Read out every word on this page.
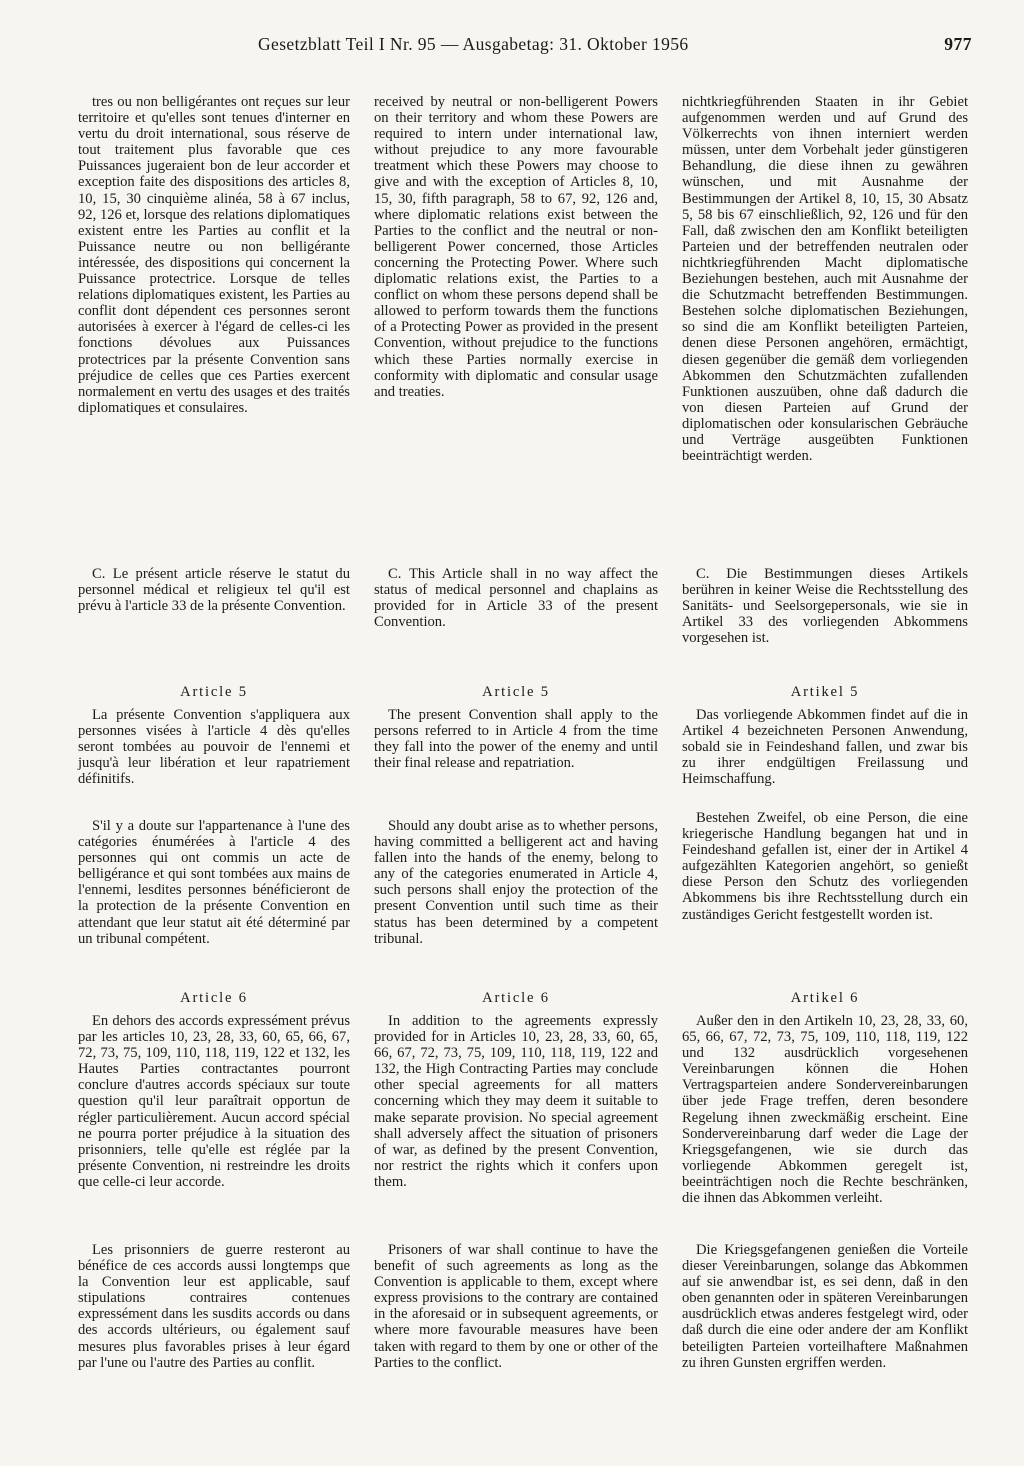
Gesetzblatt Teil I Nr. 95 — Ausgabetag: 31. Oktober 1956	977

tres ou non belligérantes ont reçues sur leur territoire et qu'elles sont tenues d'interner en vertu du droit international, sous réserve de tout traitement plus favorable que ces Puissances jugeraient bon de leur accorder et exception faite des dispositions des articles 8, 10, 15, 30 cinquième alinéa, 58 à 67 inclus, 92, 126 et, lorsque des relations diplomatiques existent entre les Parties au conflit et la Puissance neutre ou non belligérante intéressée, des dispositions qui concernent la Puissance protectrice. Lorsque de telles relations diplomatiques existent, les Parties au conflit dont dépendent ces personnes seront autorisées à exercer à l'égard de celles-ci les fonctions dévolues aux Puissances protectrices par la présente Convention sans préjudice de celles que ces Parties exercent normalement en vertu des usages et des traités diplomatiques et consulaires.

C. Le présent article réserve le statut du personnel médical et religieux tel qu'il est prévu à l'article 33 de la présente Convention.

Article 5

La présente Convention s'appliquera aux personnes visées à l'article 4 dès qu'elles seront tombées au pouvoir de l'ennemi et jusqu'à leur libération et leur rapatriement définitifs.

S'il y a doute sur l'appartenance à l'une des catégories énumérées à l'article 4 des personnes qui ont commis un acte de belligérance et qui sont tombées aux mains de l'ennemi, lesdites personnes bénéficieront de la protection de la présente Convention en attendant que leur statut ait été déterminé par un tribunal compétent.

Article 6

En dehors des accords expressément prévus par les articles 10, 23, 28, 33, 60, 65, 66, 67, 72, 73, 75, 109, 110, 118, 119, 122 et 132, les Hautes Parties contractantes pourront conclure d'autres accords spéciaux sur toute question qu'il leur paraîtrait opportun de régler particulièrement. Aucun accord spécial ne pourra porter préjudice à la situation des prisonniers, telle qu'elle est réglée par la présente Convention, ni restreindre les droits que celle-ci leur accorde.

Les prisonniers de guerre resteront au bénéfice de ces accords aussi longtemps que la Convention leur est applicable, sauf stipulations contraires contenues expressément dans les susdits accords ou dans des accords ultérieurs, ou également sauf mesures plus favorables prises à leur égard par l'une ou l'autre des Parties au conflit.

received by neutral or non-belligerent Powers on their territory and whom these Powers are required to intern under international law, without prejudice to any more favourable treatment which these Powers may choose to give and with the exception of Articles 8, 10, 15, 30, fifth paragraph, 58 to 67, 92, 126 and, where diplomatic relations exist between the Parties to the conflict and the neutral or non-belligerent Power concerned, those Articles concerning the Protecting Power. Where such diplomatic relations exist, the Parties to a conflict on whom these persons depend shall be allowed to perform towards them the functions of a Protecting Power as provided in the present Convention, without prejudice to the functions which these Parties normally exercise in conformity with diplomatic and consular usage and treaties.

C. This Article shall in no way affect the status of medical personnel and chaplains as provided for in Article 33 of the present Convention.

Article 5

The present Convention shall apply to the persons referred to in Article 4 from the time they fall into the power of the enemy and until their final release and repatriation.

Should any doubt arise as to whether persons, having committed a belligerent act and having fallen into the hands of the enemy, belong to any of the categories enumerated in Article 4, such persons shall enjoy the protection of the present Convention until such time as their status has been determined by a competent tribunal.

Article 6

In addition to the agreements expressly provided for in Articles 10, 23, 28, 33, 60, 65, 66, 67, 72, 73, 75, 109, 110, 118, 119, 122 and 132, the High Contracting Parties may conclude other special agreements for all matters concerning which they may deem it suitable to make separate provision. No special agreement shall adversely affect the situation of prisoners of war, as defined by the present Convention, nor restrict the rights which it confers upon them.

Prisoners of war shall continue to have the benefit of such agreements as long as the Convention is applicable to them, except where express provisions to the contrary are contained in the aforesaid or in subsequent agreements, or where more favourable measures have been taken with regard to them by one or other of the Parties to the conflict.

nichtkriegführenden Staaten in ihr Gebiet aufgenommen werden und auf Grund des Völkerrechts von ihnen interniert werden müssen, unter dem Vorbehalt jeder günstigeren Behandlung, die diese ihnen zu gewähren wünschen, und mit Ausnahme der Bestimmungen der Artikel 8, 10, 15, 30 Absatz 5, 58 bis 67 einschließlich, 92, 126 und für den Fall, daß zwischen den am Konflikt beteiligten Parteien und der betreffenden neutralen oder nichtkriegführenden Macht diplomatische Beziehungen bestehen, auch mit Ausnahme der die Schutzmacht betreffenden Bestimmungen. Bestehen solche diplomatischen Beziehungen, so sind die am Konflikt beteiligten Parteien, denen diese Personen angehören, ermächtigt, diesen gegenüber die gemäß dem vorliegenden Abkommen den Schutzmächten zufallenden Funktionen auszuüben, ohne daß dadurch die von diesen Parteien auf Grund der diplomatischen oder konsularischen Gebräuche und Verträge ausgeübten Funktionen beeinträchtigt werden.

C. Die Bestimmungen dieses Artikels berühren in keiner Weise die Rechtsstellung des Sanitäts- und Seelsorgepersonals, wie sie in Artikel 33 des vorliegenden Abkommens vorgesehen ist.

Artikel 5

Das vorliegende Abkommen findet auf die in Artikel 4 bezeichneten Personen Anwendung, sobald sie in Feindeshand fallen, und zwar bis zu ihrer endgültigen Freilassung und Heimschaffung.

Bestehen Zweifel, ob eine Person, die eine kriegerische Handlung begangen hat und in Feindeshand gefallen ist, einer der in Artikel 4 aufgezählten Kategorien angehört, so genießt diese Person den Schutz des vorliegenden Abkommens bis ihre Rechtsstellung durch ein zuständiges Gericht festgestellt worden ist.

Artikel 6

Außer den in den Artikeln 10, 23, 28, 33, 60, 65, 66, 67, 72, 73, 75, 109, 110, 118, 119, 122 und 132 ausdrücklich vorgesehenen Vereinbarungen können die Hohen Vertragsparteien andere Sondervereinbarungen über jede Frage treffen, deren besondere Regelung ihnen zweckmäßig erscheint. Eine Sondervereinbarung darf weder die Lage der Kriegsgefangenen, wie sie durch das vorliegende Abkommen geregelt ist, beeinträchtigen noch die Rechte beschränken, die ihnen das Abkommen verleiht.

Die Kriegsgefangenen genießen die Vorteile dieser Vereinbarungen, solange das Abkommen auf sie anwendbar ist, es sei denn, daß in den oben genannten oder in späteren Vereinbarungen ausdrücklich etwas anderes festgelegt wird, oder daß durch die eine oder andere der am Konflikt beteiligten Parteien vorteilhaftere Maßnahmen zu ihren Gunsten ergriffen werden.
